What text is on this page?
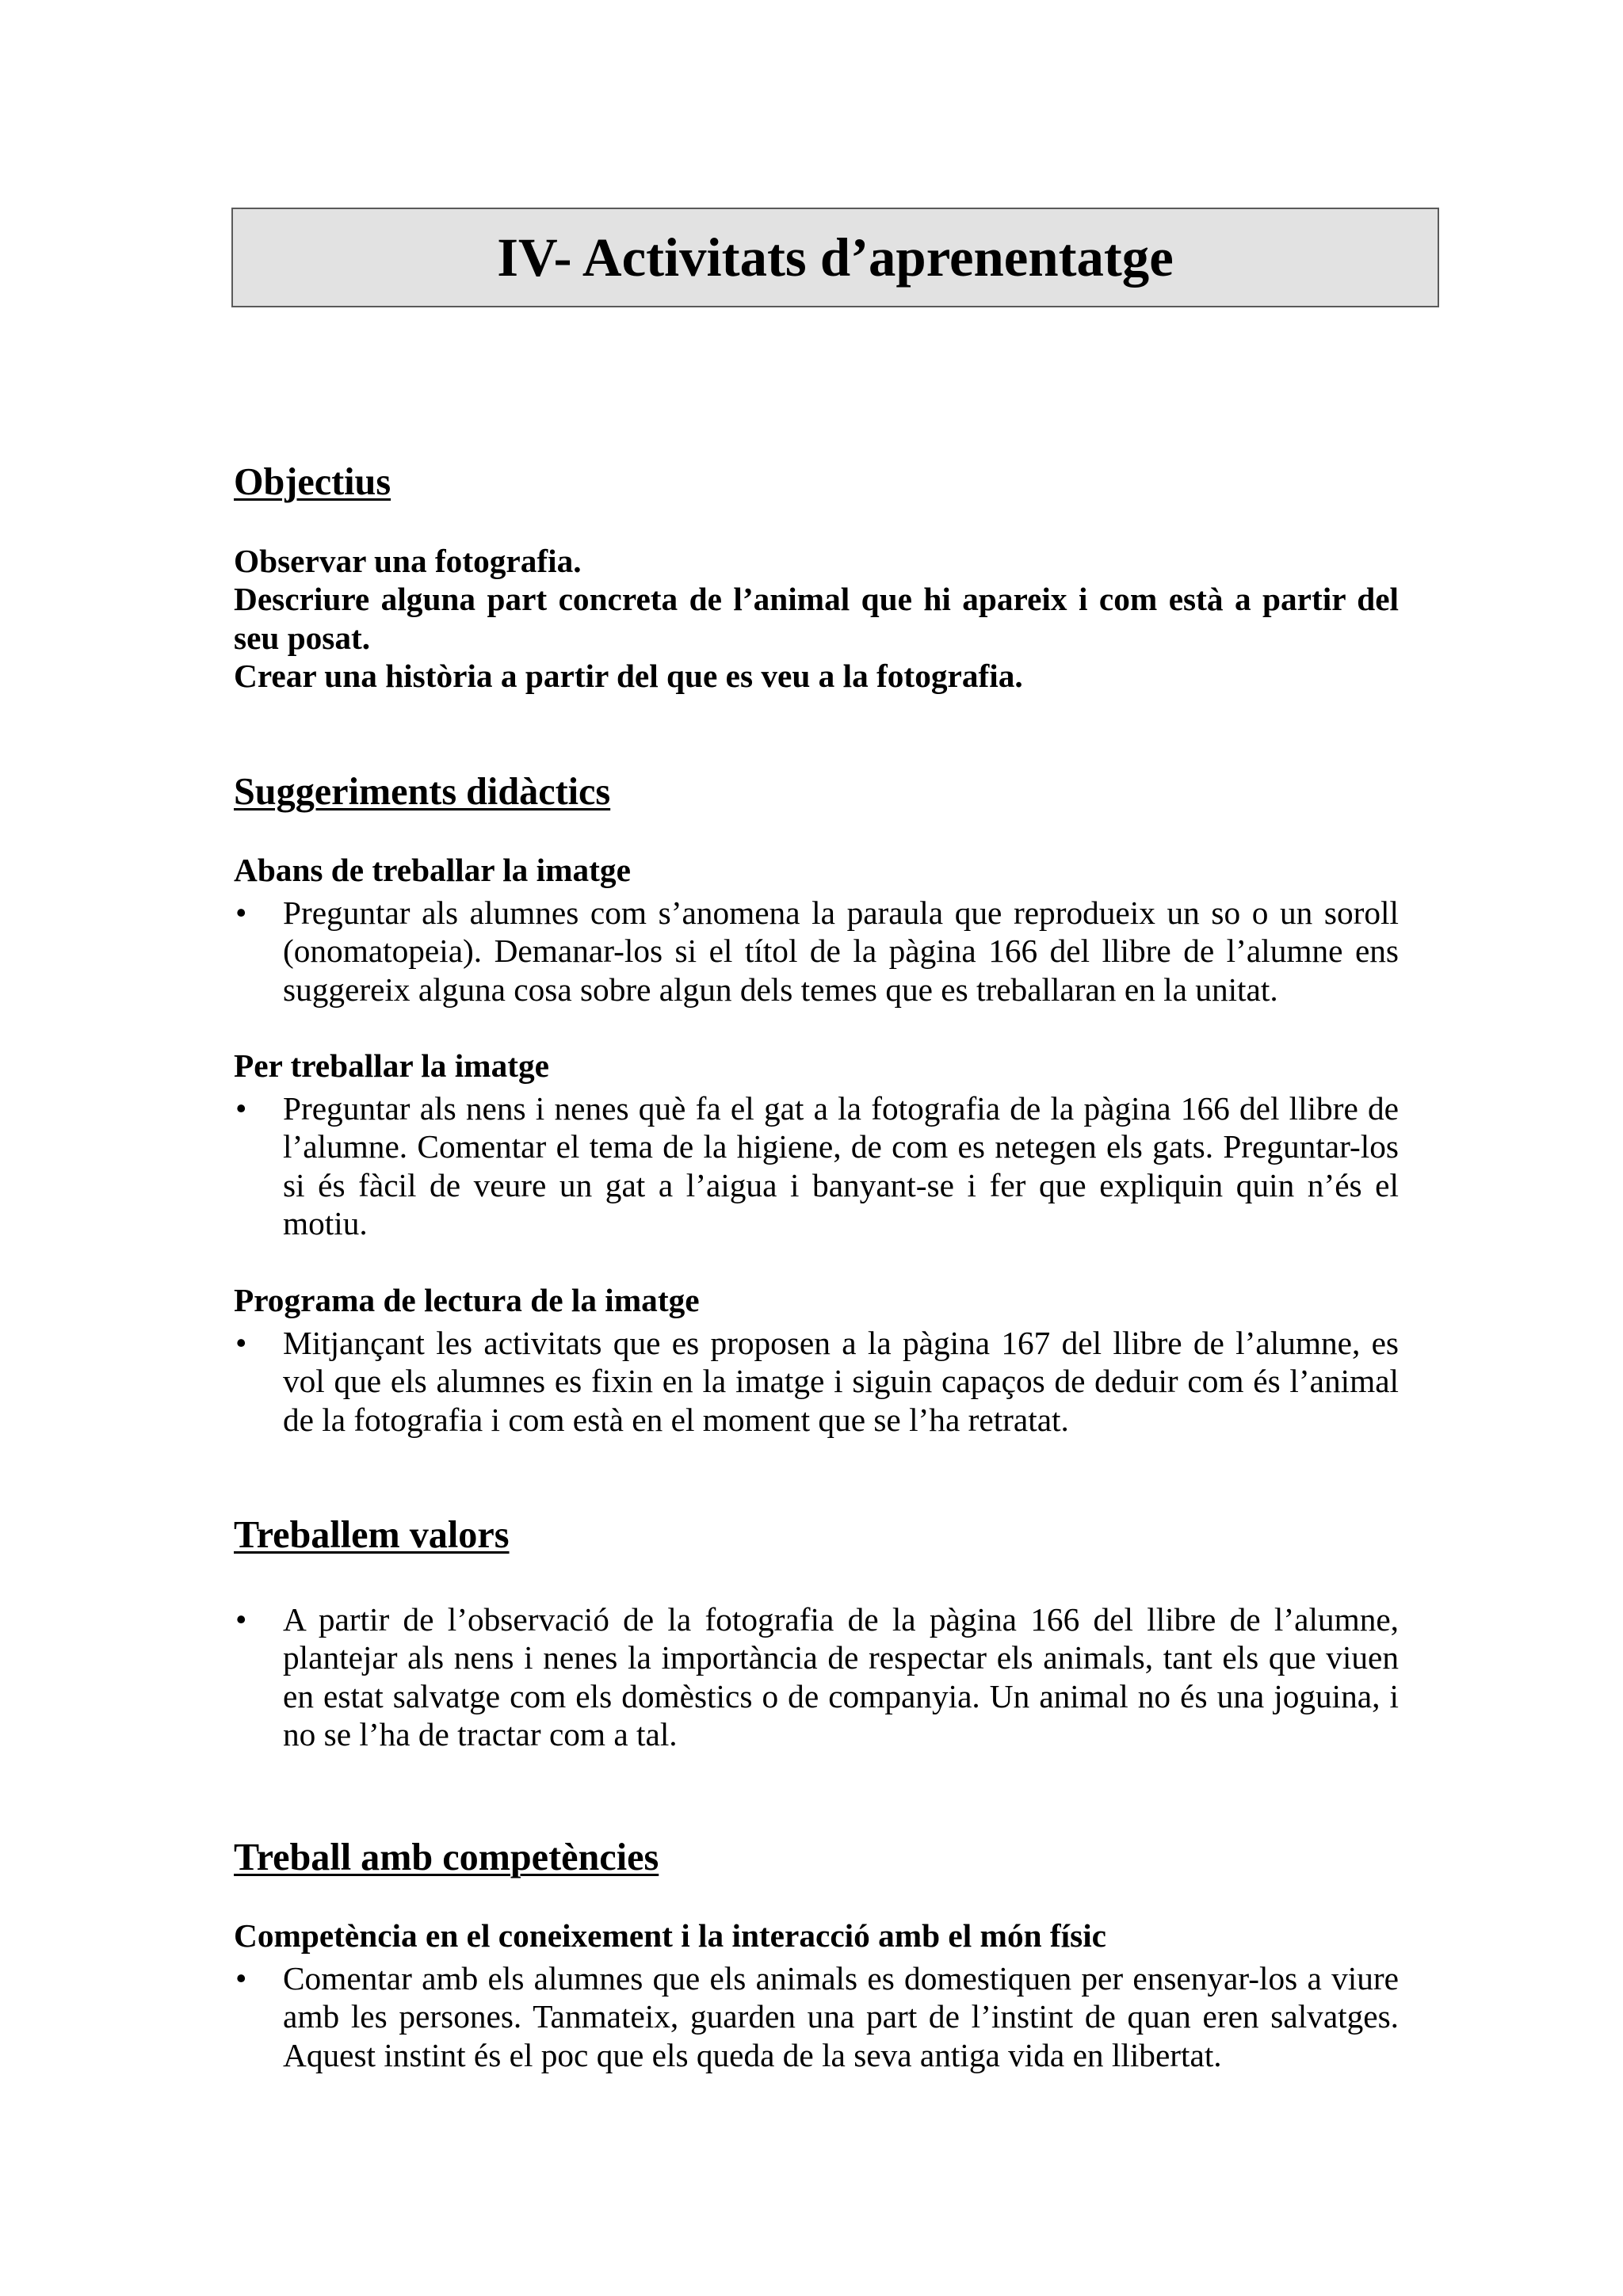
IV- Activitats d’aprenentatge
Objectius
Observar una fotografia.
Descriure alguna part concreta de l’animal que hi apareix i com està a partir del
seu posat.
Crear una història a partir del que es veu a la fotografia.
Suggeriments didàctics
Abans de treballar la imatge
• Preguntar als alumnes com s’anomena la paraula que reprodueix un so o un soroll
(onomatopeia). Demanar-los si el títol de la pàgina 166 del llibre de l’alumne ens
suggereix alguna cosa sobre algun dels temes que es treballaran en la unitat.
Per treballar la imatge
• Preguntar als nens i nenes què fa el gat a la fotografia de la pàgina 166 del llibre de
l’alumne. Comentar el tema de la higiene, de com es netegen els gats. Preguntar-los
si és fàcil de veure un gat a l’aigua i banyant-se i fer que expliquin quin n’és el
motiu.
Programa de lectura de la imatge
• Mitjançant les activitats que es proposen a la pàgina 167 del llibre de l’alumne, es
vol que els alumnes es fixin en la imatge i siguin capaços de deduir com és l’animal
de la fotografia i com està en el moment que se l’ha retratat.
Treballem valors
• A partir de l’observació de la fotografia de la pàgina 166 del llibre de l’alumne,
plantejar als nens i nenes la importància de respectar els animals, tant els que viuen
en estat salvatge com els domèstics o de companyia. Un animal no és una joguina, i
no se l’ha de tractar com a tal.
Treball amb competències
Competència en el coneixement i la interacció amb el món físic
• Comentar amb els alumnes que els animals es domestiquen per ensenyar-los a viure
amb les persones. Tanmateix, guarden una part de l’instint de quan eren salvatges.
Aquest instint és el poc que els queda de la seva antiga vida en llibertat.
